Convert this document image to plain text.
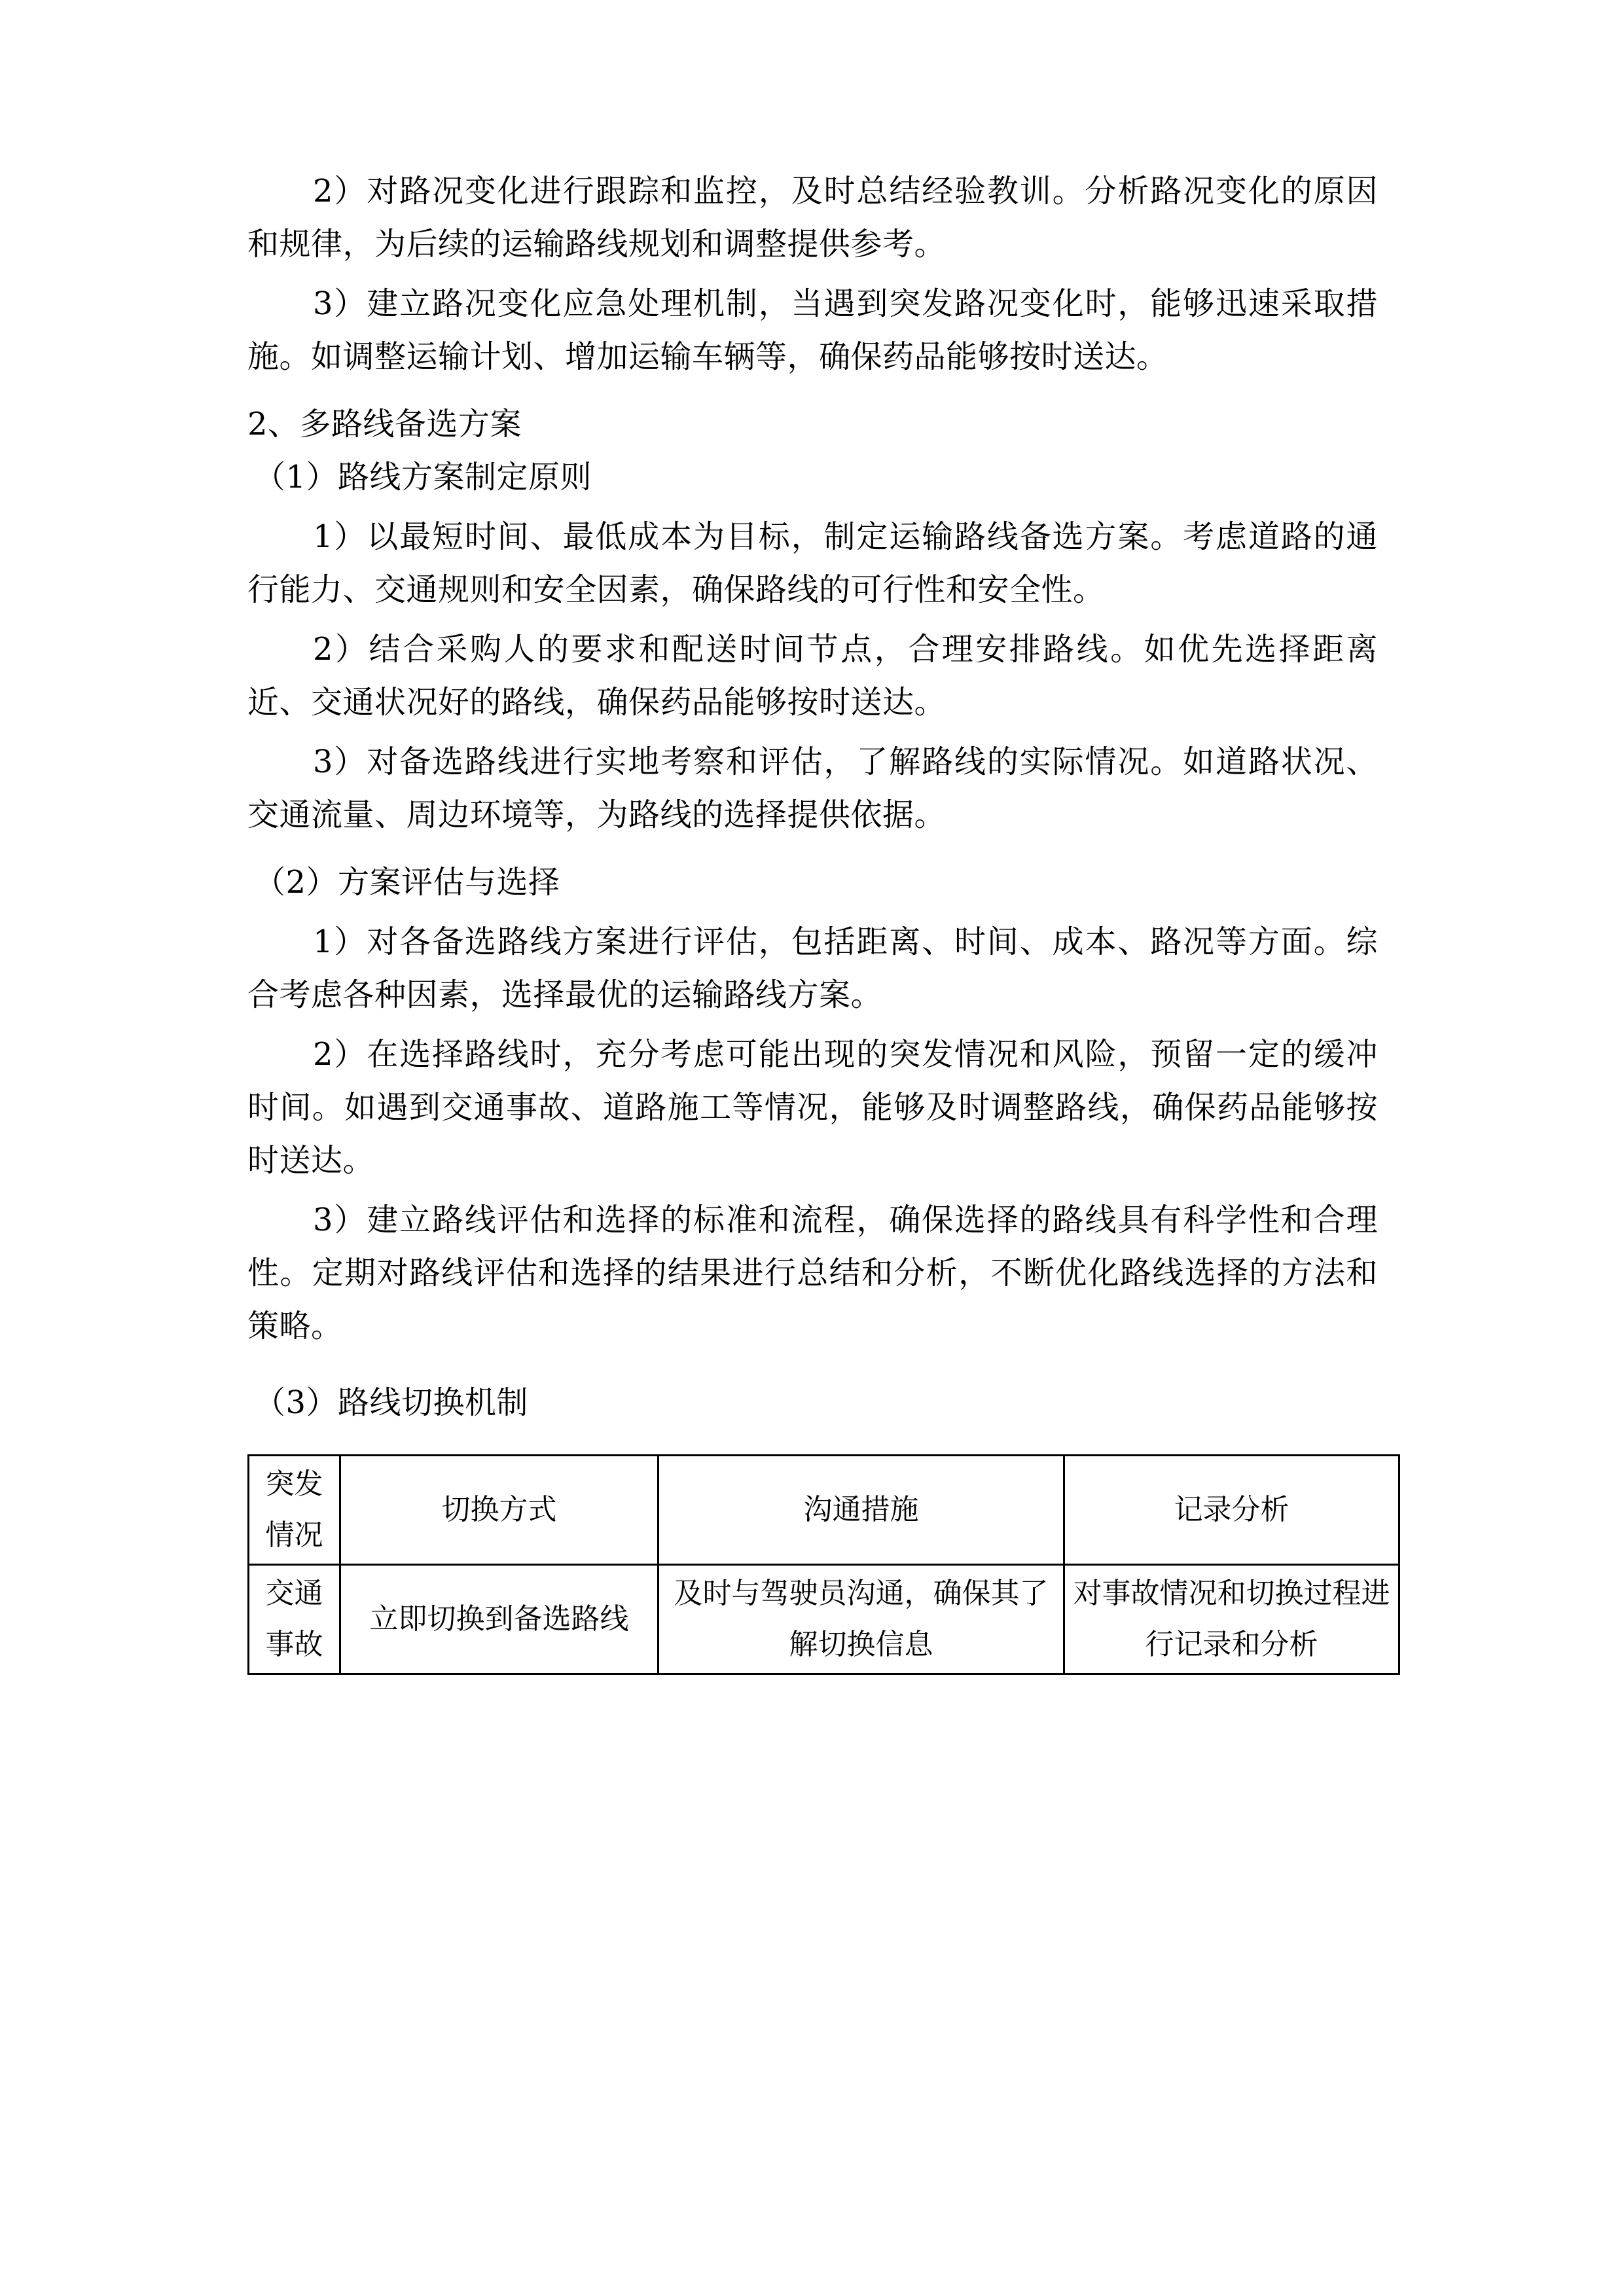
2）对路况变化进行跟踪和监控，及时总结经验教训。分析路况变化的原因和规律，为后续的运输路线规划和调整提供参考。

3）建立路况变化应急处理机制，当遇到突发路况变化时，能够迅速采取措施。如调整运输计划、增加运输车辆等，确保药品能够按时送达。

2、多路线备选方案

（1）路线方案制定原则

1）以最短时间、最低成本为目标，制定运输路线备选方案。考虑道路的通行能力、交通规则和安全因素，确保路线的可行性和安全性。

2）结合采购人的要求和配送时间节点，合理安排路线。如优先选择距离近、交通状况好的路线，确保药品能够按时送达。

3）对备选路线进行实地考察和评估，了解路线的实际情况。如道路状况、交通流量、周边环境等，为路线的选择提供依据。

（2）方案评估与选择

1）对各备选路线方案进行评估，包括距离、时间、成本、路况等方面。综合考虑各种因素，选择最优的运输路线方案。

2）在选择路线时，充分考虑可能出现的突发情况和风险，预留一定的缓冲时间。如遇到交通事故、道路施工等情况，能够及时调整路线，确保药品能够按时送达。

3）建立路线评估和选择的标准和流程，确保选择的路线具有科学性和合理性。定期对路线评估和选择的结果进行总结和分析，不断优化路线选择的方法和策略。

（3）路线切换机制

突发
情况	切换方式	沟通措施	记录分析

交通
事故	立即切换到备选路线	及时与驾驶员沟通，确保其了解切换信息	对事故情况和切换过程进行记录和分析
